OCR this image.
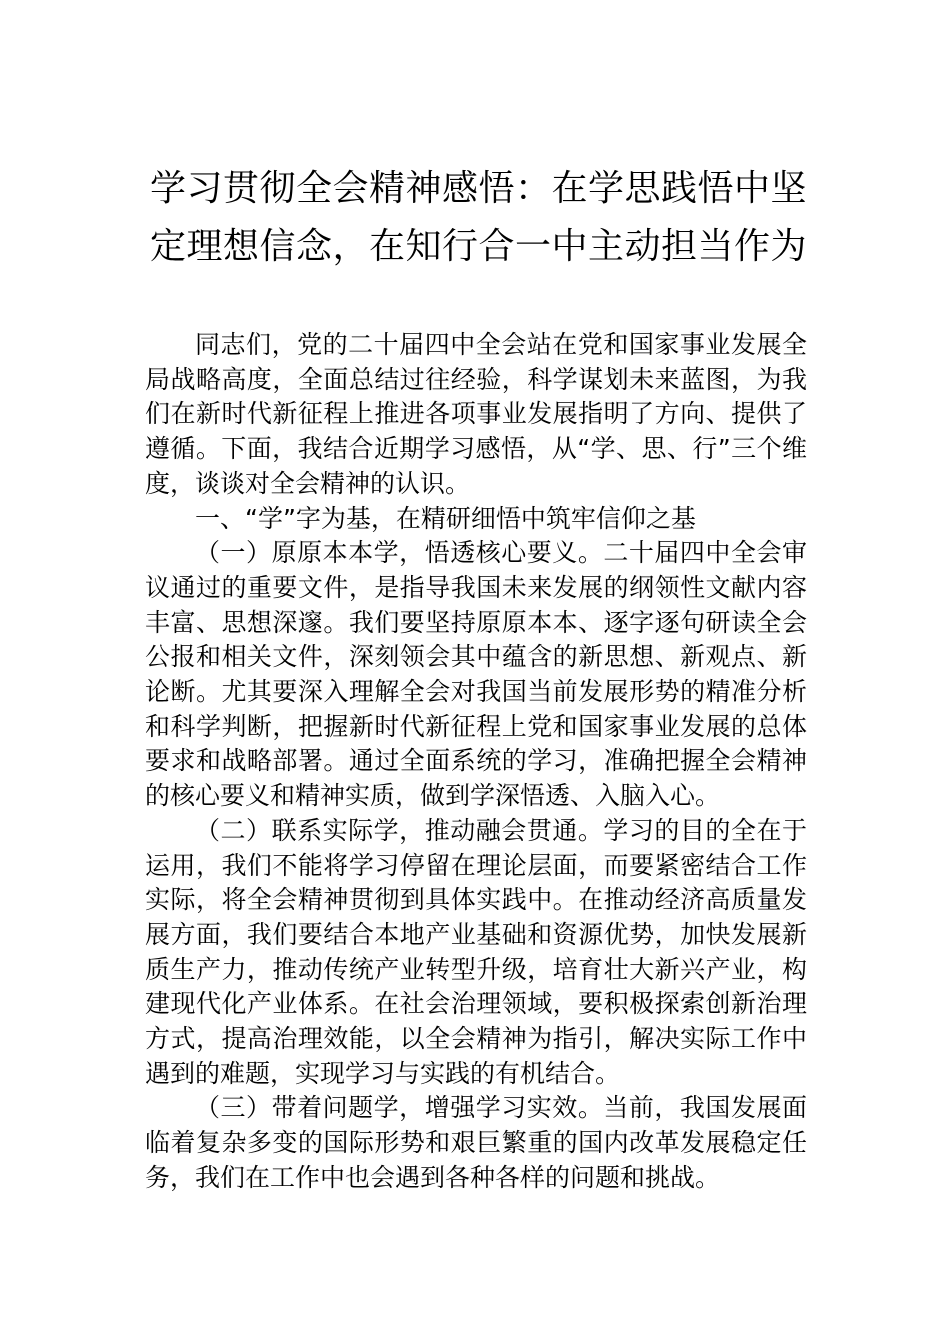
学习贯彻全会精神感悟：在学思践悟中坚
定理想信念，在知行合一中主动担当作为

同志们，党的二十届四中全会站在党和国家事业发展全局战略高度，全面总结过往经验，科学谋划未来蓝图，为我们在新时代新征程上推进各项事业发展指明了方向、提供了遵循。下面，我结合近期学习感悟，从“学、思、行”三个维度，谈谈对全会精神的认识。

一、“学”字为基，在精研细悟中筑牢信仰之基

（一）原原本本学，悟透核心要义。二十届四中全会审议通过的重要文件，是指导我国未来发展的纲领性文献内容丰富、思想深邃。我们要坚持原原本本、逐字逐句研读全会公报和相关文件，深刻领会其中蕴含的新思想、新观点、新论断。尤其要深入理解全会对我国当前发展形势的精准分析和科学判断，把握新时代新征程上党和国家事业发展的总体要求和战略部署。通过全面系统的学习，准确把握全会精神的核心要义和精神实质，做到学深悟透、入脑入心。

（二）联系实际学，推动融会贯通。学习的目的全在于运用，我们不能将学习停留在理论层面，而要紧密结合工作实际，将全会精神贯彻到具体实践中。在推动经济高质量发展方面，我们要结合本地产业基础和资源优势，加快发展新质生产力，推动传统产业转型升级，培育壮大新兴产业，构建现代化产业体系。在社会治理领域，要积极探索创新治理方式，提高治理效能，以全会精神为指引，解决实际工作中遇到的难题，实现学习与实践的有机结合。

（三）带着问题学，增强学习实效。当前，我国发展面临着复杂多变的国际形势和艰巨繁重的国内改革发展稳定任务，我们在工作中也会遇到各种各样的问题和挑战。
